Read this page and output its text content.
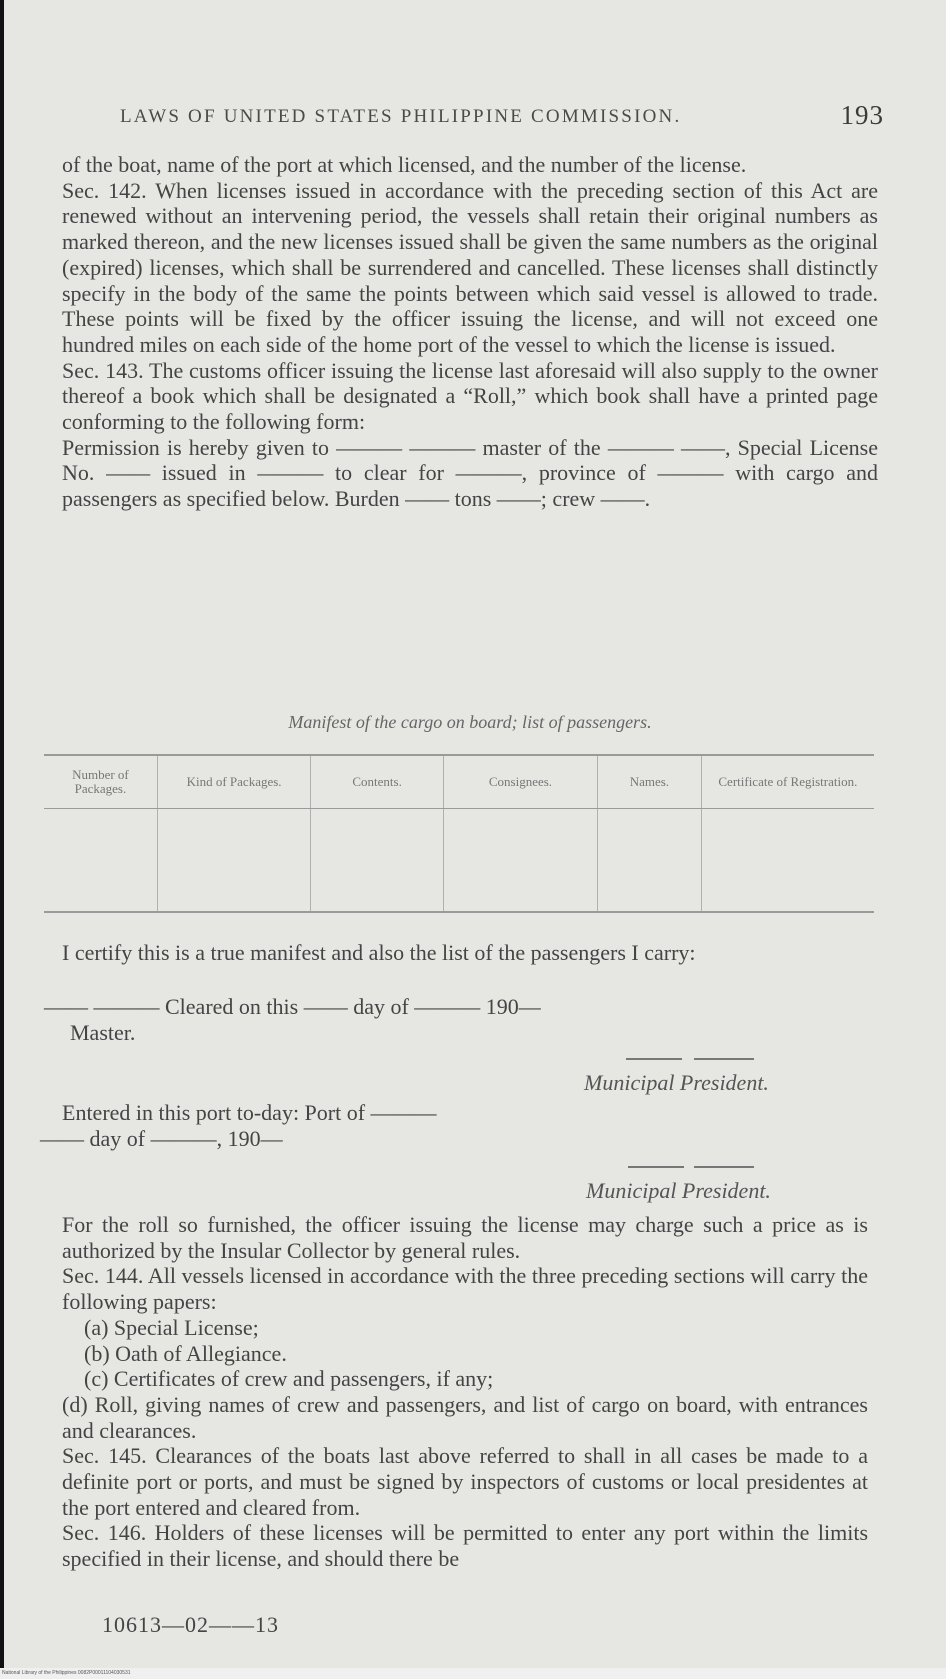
LAWS OF UNITED STATES PHILIPPINE COMMISSION.	193

of the boat, name of the port at which licensed, and the number of the license.

Sec. 142. When licenses issued in accordance with the preceding section of this Act are renewed without an intervening period, the vessels shall retain their original numbers as marked thereon, and the new licenses issued shall be given the same numbers as the original (expired) licenses, which shall be surrendered and cancelled. These licenses shall distinctly specify in the body of the same the points between which said vessel is allowed to trade. These points will be fixed by the officer issuing the license, and will not exceed one hundred miles on each side of the home port of the vessel to which the license is issued.

Sec. 143. The customs officer issuing the license last aforesaid will also supply to the owner thereof a book which shall be designated a “Roll,” which book shall have a printed page conforming to the following form:

Permission is hereby given to ——— ——— master of the ——— ——, Special License No. —— issued in ——— to clear for ———, province of ——— with cargo and passengers as specified below. Burden —— tons ——; crew ——.

Manifest of the cargo on board; list of passengers.
Number of Packages.	Kind of Packages.	Contents.	Consignees.	Names.	Certificate of Registration.

I certify this is a true manifest and also the list of the passengers I carry:
—— ——— Cleared on this —— day of ——— 190—
Master.
Municipal President.
Entered in this port to-day: Port of ———
—— day of ———, 190—
Municipal President.

For the roll so furnished, the officer issuing the license may charge such a price as is authorized by the Insular Collector by general rules.

Sec. 144. All vessels licensed in accordance with the three preceding sections will carry the following papers:

(a) Special License;

(b) Oath of Allegiance.

(c) Certificates of crew and passengers, if any;

(d) Roll, giving names of crew and passengers, and list of cargo on board, with entrances and clearances.

Sec. 145. Clearances of the boats last above referred to shall in all cases be made to a definite port or ports, and must be signed by inspectors of customs or local presidentes at the port entered and cleared from.

Sec. 146. Holders of these licenses will be permitted to enter any port within the limits specified in their license, and should there be

10613—02——13
National Library of the Philippines 0082P00011104030531
